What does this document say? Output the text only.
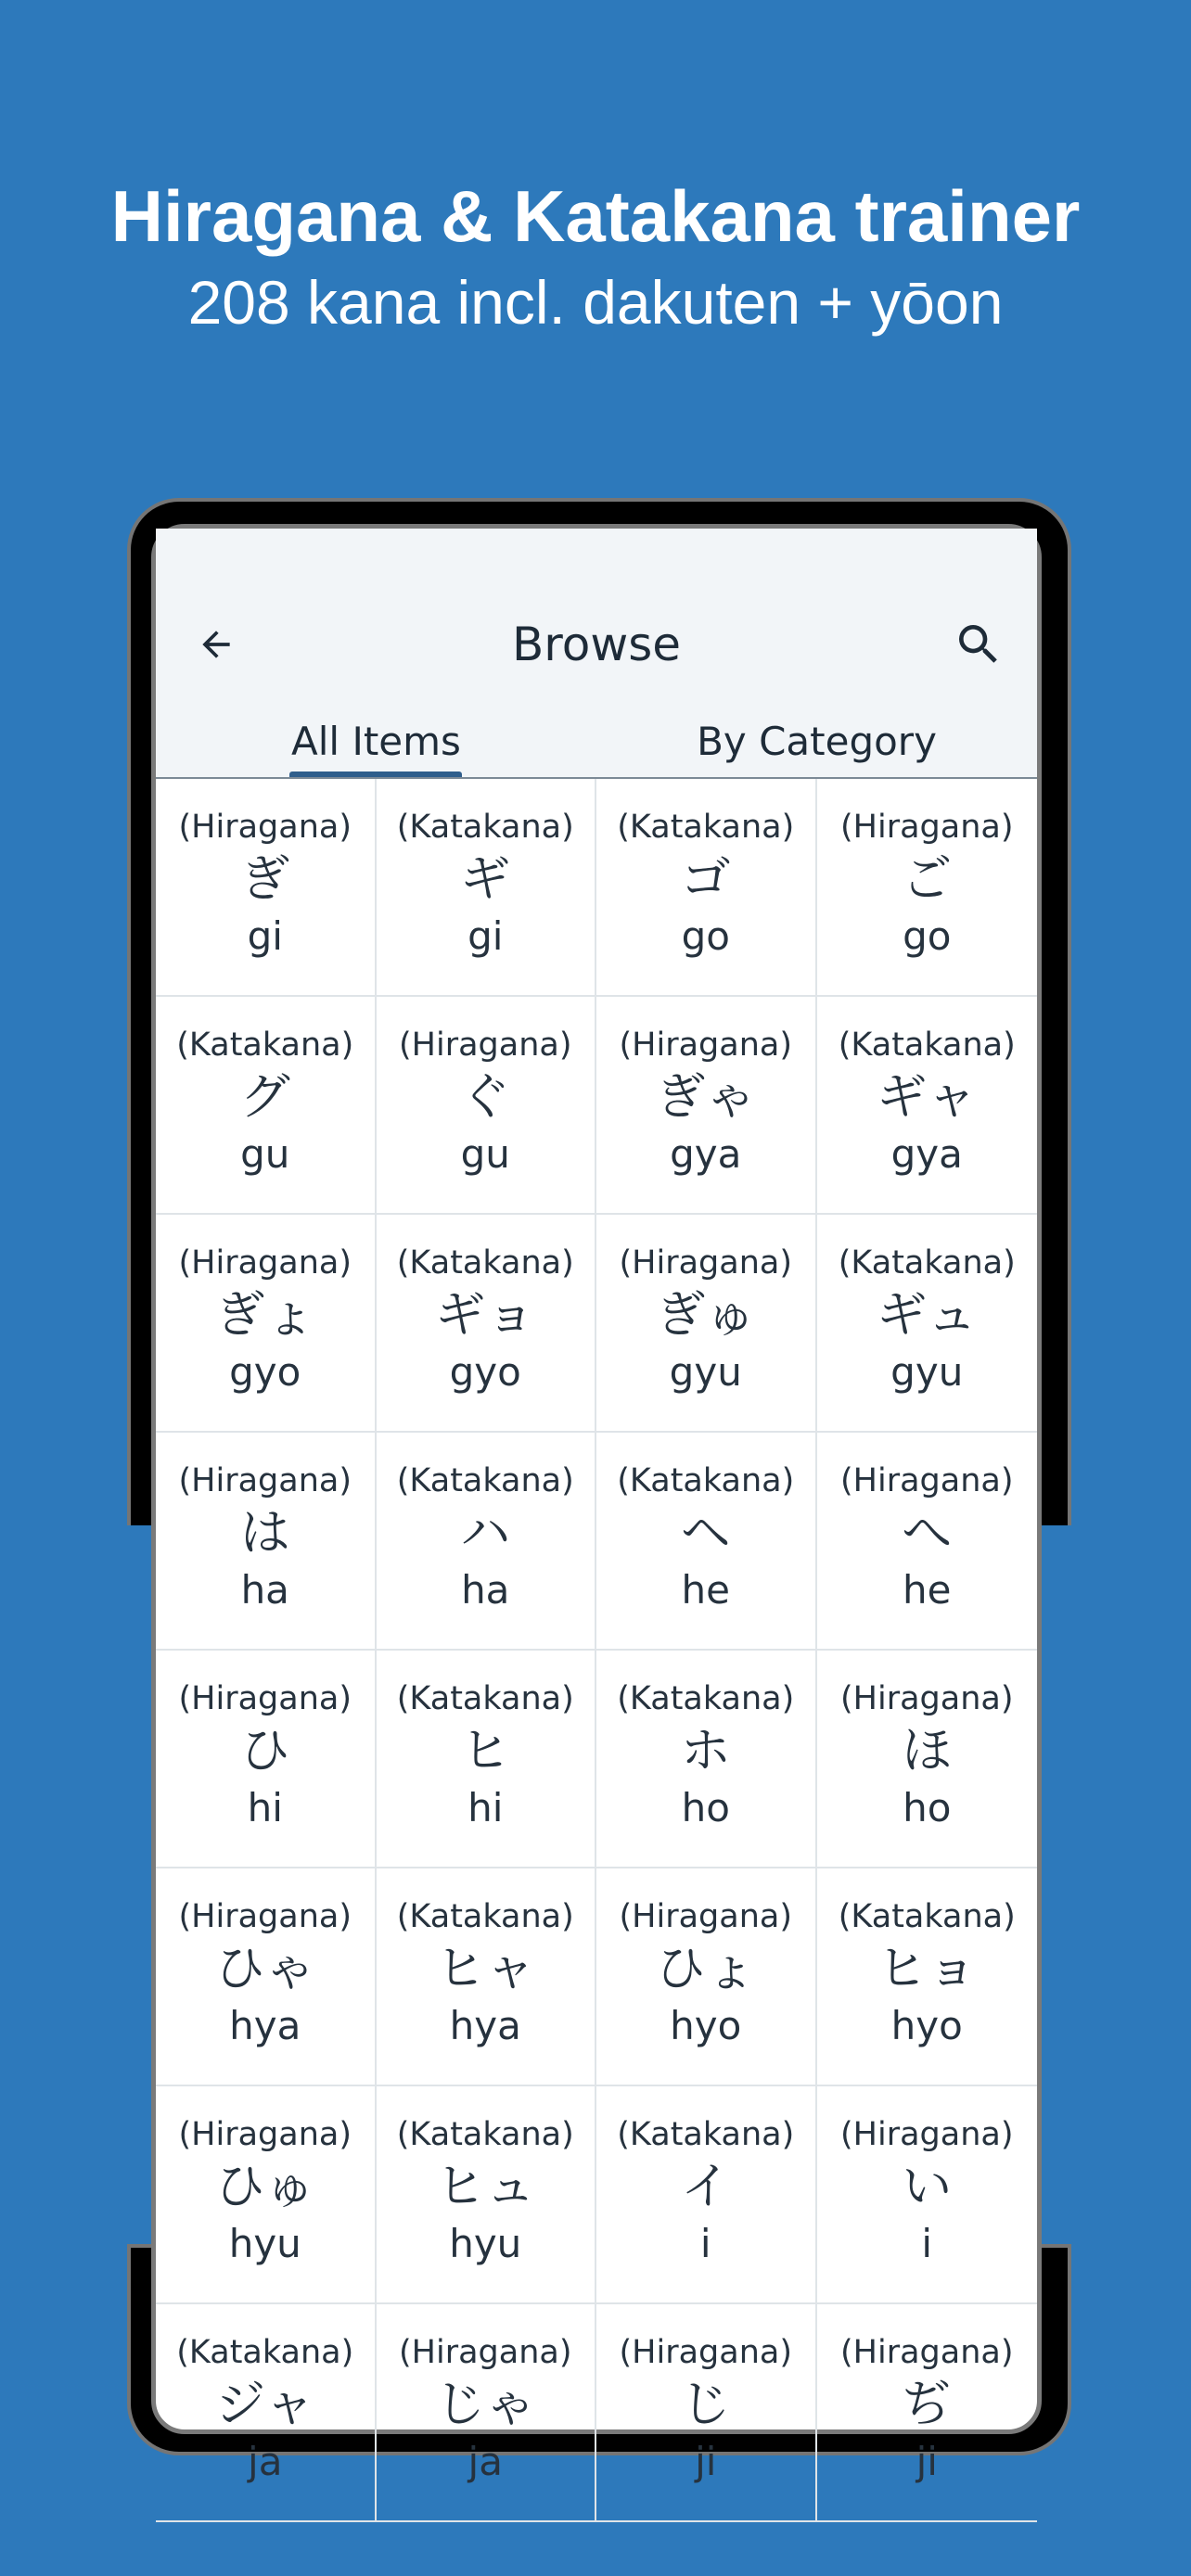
Hiragana & Katakana trainer
208 kana incl. dakuten + yōon
Browse
All Items	By Category
(Hiragana)
ぎ
gi
(Katakana)
ギ
gi
(Katakana)
ゴ
go
(Hiragana)
ご
go
(Katakana)
グ
gu
(Hiragana)
ぐ
gu
(Hiragana)
ぎゃ
gya
(Katakana)
ギャ
gya
(Hiragana)
ぎょ
gyo
(Katakana)
ギョ
gyo
(Hiragana)
ぎゅ
gyu
(Katakana)
ギュ
gyu
(Hiragana)
は
ha
(Katakana)
ハ
ha
(Katakana)
ヘ
he
(Hiragana)
へ
he
(Hiragana)
ひ
hi
(Katakana)
ヒ
hi
(Katakana)
ホ
ho
(Hiragana)
ほ
ho
(Hiragana)
ひゃ
hya
(Katakana)
ヒャ
hya
(Hiragana)
ひょ
hyo
(Katakana)
ヒョ
hyo
(Hiragana)
ひゅ
hyu
(Katakana)
ヒュ
hyu
(Katakana)
イ
i
(Hiragana)
い
i
(Katakana)
ジャ
ja
(Hiragana)
じゃ
ja
(Hiragana)
じ
ji
(Hiragana)
ぢ
ji
